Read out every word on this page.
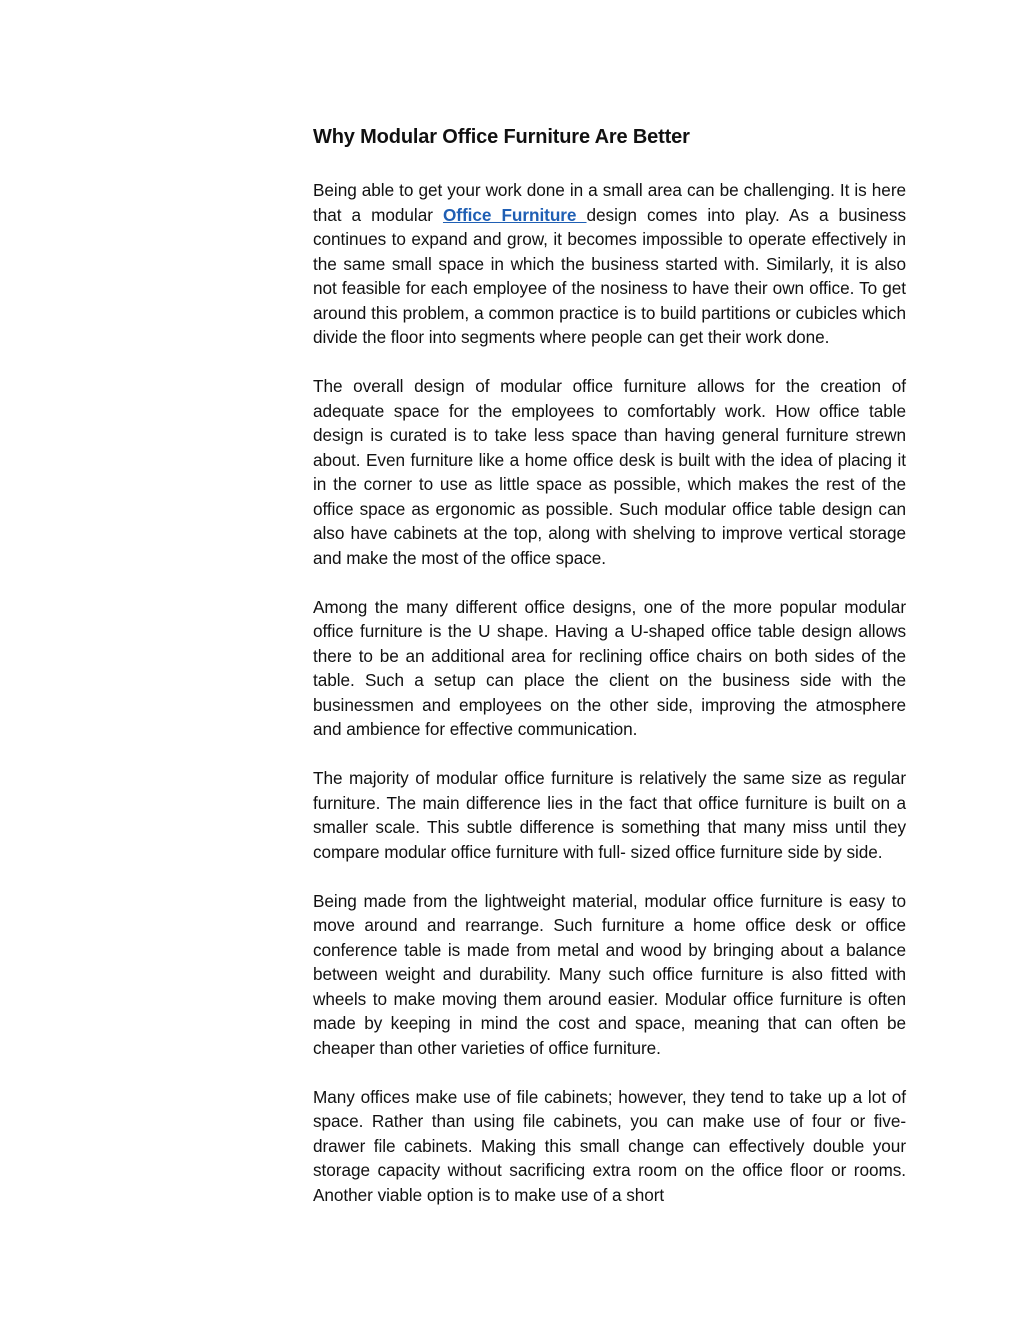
Why Modular Office Furniture Are Better

Being able to get your work done in a small area can be challenging. It is here that a modular Office Furniture design comes into play. As a business continues to expand and grow, it becomes impossible to operate effectively in the same small space in which the business started with. Similarly, it is also not feasible for each employee of the nosiness to have their own office. To get around this problem, a common practice is to build partitions or cubicles which divide the floor into segments where people can get their work done.

The overall design of modular office furniture allows for the creation of adequate space for the employees to comfortably work. How office table design is curated is to take less space than having general furniture strewn about. Even furniture like a home office desk is built with the idea of placing it in the corner to use as little space as possible, which makes the rest of the office space as ergonomic as possible. Such modular office table design can also have cabinets at the top, along with shelving to improve vertical storage and make the most of the office space.

Among the many different office designs, one of the more popular modular office furniture is the U shape. Having a U-shaped office table design allows there to be an additional area for reclining office chairs on both sides of the table. Such a setup can place the client on the business side with the businessmen and employees on the other side, improving the atmosphere and ambience for effective communication.

The majority of modular office furniture is relatively the same size as regular furniture. The main difference lies in the fact that office furniture is built on a smaller scale. This subtle difference is something that many miss until they compare modular office furniture with full- sized office furniture side by side.

Being made from the lightweight material, modular office furniture is easy to move around and rearrange. Such furniture a home office desk or office conference table is made from metal and wood by bringing about a balance between weight and durability. Many such office furniture is also fitted with wheels to make moving them around easier. Modular office furniture is often made by keeping in mind the cost and space, meaning that can often be cheaper than other varieties of office furniture.

Many offices make use of file cabinets; however, they tend to take up a lot of space. Rather than using file cabinets, you can make use of four or five-drawer file cabinets. Making this small change can effectively double your storage capacity without sacrificing extra room on the office floor or rooms. Another viable option is to make use of a short
